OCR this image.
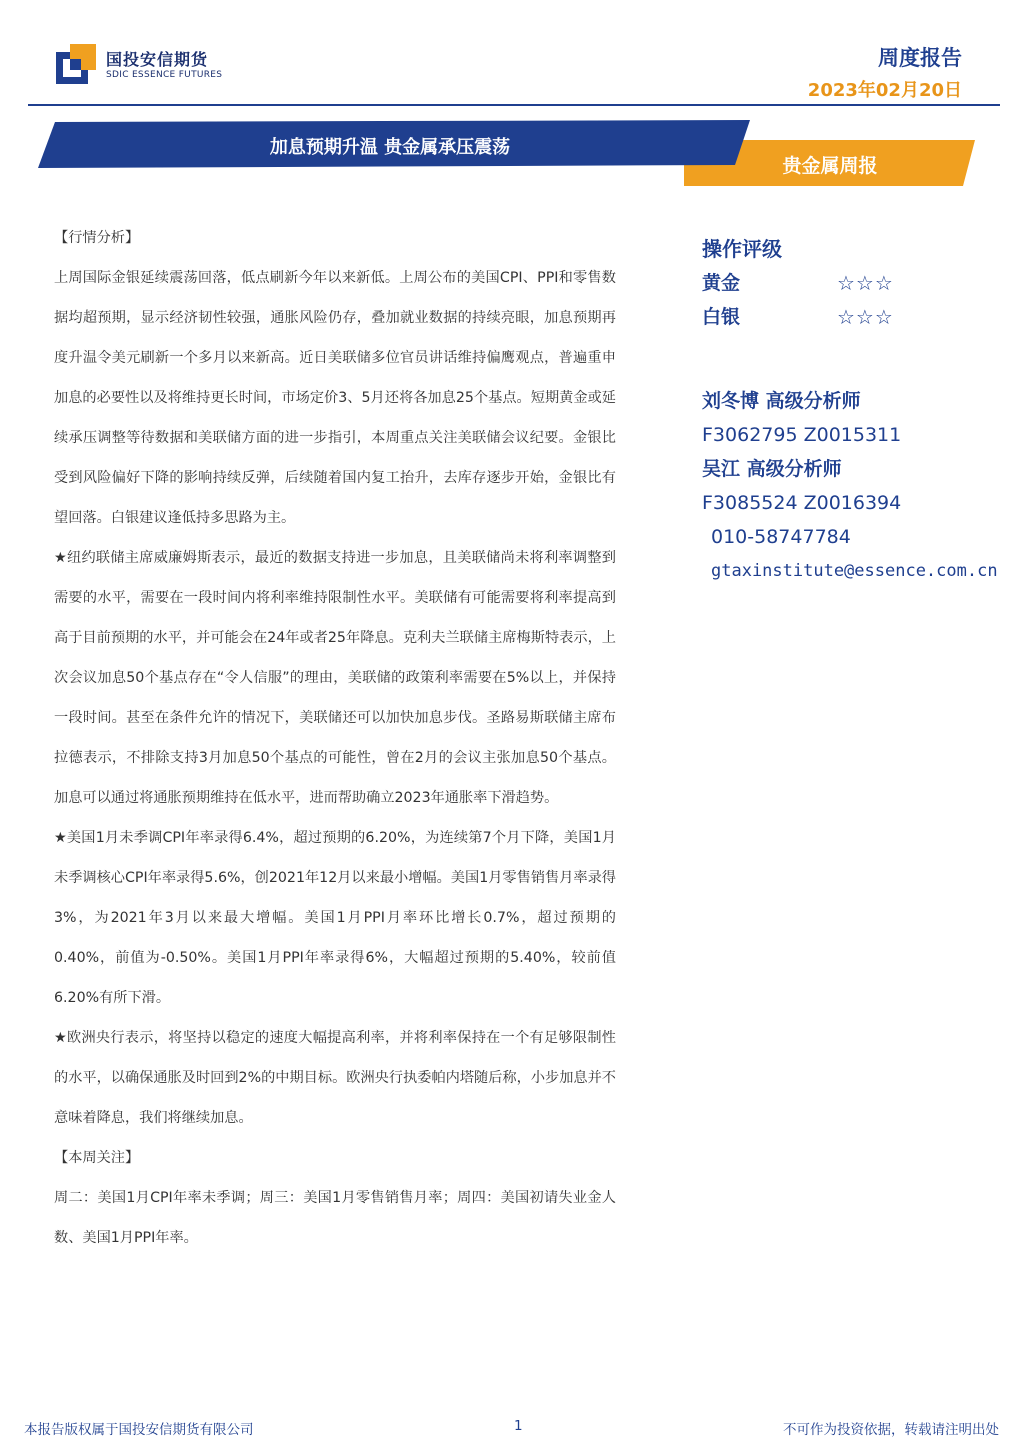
国投安信期货
SDIC ESSENCE FUTURES
周度报告
2023年02月20日
加息预期升温 贵金属承压震荡
贵金属周报

【行情分析】

上周国际金银延续震荡回落，低点刷新今年以来新低。上周公布的美国CPI、PPI和零售数据均超预期，显示经济韧性较强，通胀风险仍存，叠加就业数据的持续亮眼，加息预期再度升温令美元刷新一个多月以来新高。近日美联储多位官员讲话维持偏鹰观点，普遍重申加息的必要性以及将维持更长时间，市场定价3、5月还将各加息25个基点。短期黄金或延续承压调整等待数据和美联储方面的进一步指引，本周重点关注美联储会议纪要。金银比受到风险偏好下降的影响持续反弹，后续随着国内复工抬升，去库存逐步开始，金银比有望回落。白银建议逢低持多思路为主。

★纽约联储主席威廉姆斯表示，最近的数据支持进一步加息，且美联储尚未将利率调整到需要的水平，需要在一段时间内将利率维持限制性水平。美联储有可能需要将利率提高到高于目前预期的水平，并可能会在24年或者25年降息。克利夫兰联储主席梅斯特表示，上次会议加息50个基点存在“令人信服”的理由，美联储的政策利率需要在5%以上，并保持一段时间。甚至在条件允许的情况下，美联储还可以加快加息步伐。圣路易斯联储主席布拉德表示，不排除支持3月加息50个基点的可能性，曾在2月的会议主张加息50个基点。加息可以通过将通胀预期维持在低水平，进而帮助确立2023年通胀率下滑趋势。

★美国1月未季调CPI年率录得6.4%，超过预期的6.20%，为连续第7个月下降，美国1月未季调核心CPI年率录得5.6%，创2021年12月以来最小增幅。美国1月零售销售月率录得3%，为2021年3月以来最大增幅。美国1月PPI月率环比增长0.7%，超过预期的0.40%，前值为-0.50%。美国1月PPI年率录得6%，大幅超过预期的5.40%，较前值6.20%有所下滑。

★欧洲央行表示，将坚持以稳定的速度大幅提高利率，并将利率保持在一个有足够限制性的水平，以确保通胀及时回到2%的中期目标。欧洲央行执委帕内塔随后称，小步加息并不意味着降息，我们将继续加息。

【本周关注】

周二：美国1月CPI年率未季调；周三：美国1月零售销售月率；周四：美国初请失业金人数、美国1月PPI年率。

操作评级
黄金	☆☆☆
白银	☆☆☆
刘冬博 高级分析师
F3062795 Z0015311
吴江 高级分析师
F3085524 Z0016394
010-58747784
gtaxinstitute@essence.com.cn
本报告版权属于国投安信期货有限公司	1	不可作为投资依据，转载请注明出处
